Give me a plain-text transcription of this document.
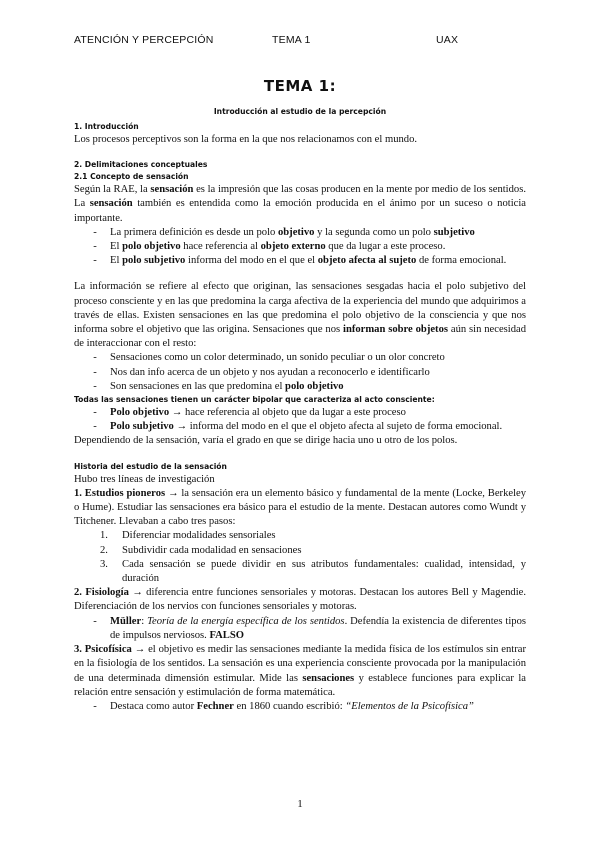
ATENCIÓN Y PERCEPCIÓN	TEMA 1	UAX
TEMA 1:
Introducción al estudio de la percepción
1. Introducción

Los procesos perceptivos son la forma en la que nos relacionamos con el mundo.

2. Delimitaciones conceptuales
2.1 Concepto de sensación

Según la RAE, la sensación es la impresión que las cosas producen en la mente por medio de los sentidos. La sensación también es entendida como la emoción producida en el ánimo por un suceso o noticia importante.

-	La primera definición es desde un polo objetivo y la segunda como un polo subjetivo
-	El polo objetivo hace referencia al objeto externo que da lugar a este proceso.
-	El polo subjetivo informa del modo en el que el objeto afecta al sujeto de forma emocional.

La información se refiere al efecto que originan, las sensaciones sesgadas hacia el polo subjetivo del proceso consciente y en las que predomina la carga afectiva de la experiencia del mundo que adquirimos a través de ellas. Existen sensaciones en las que predomina el polo objetivo de la consciencia y que nos informa sobre el objetivo que las origina. Sensaciones que nos informan sobre objetos aún sin necesidad de interaccionar con el resto:

-	Sensaciones como un color determinado, un sonido peculiar o un olor concreto
-	Nos dan info acerca de un objeto y nos ayudan a reconocerlo e identificarlo
-	Son sensaciones en las que predomina el polo objetivo
Todas las sensaciones tienen un carácter bipolar que caracteriza al acto consciente:
-	Polo objetivo → hace referencia al objeto que da lugar a este proceso
-	Polo subjetivo → informa del modo en el que el objeto afecta al sujeto de forma emocional.

Dependiendo de la sensación, varía el grado en que se dirige hacia uno u otro de los polos.

Historia del estudio de la sensación

Hubo tres líneas de investigación

1. Estudios pioneros → la sensación era un elemento básico y fundamental de la mente (Locke, Berkeley o Hume). Estudiar las sensaciones era básico para el estudio de la mente. Destacan autores como Wundt y Titchener. Llevaban a cabo tres pasos:

1.	Diferenciar modalidades sensoriales
2.	Subdividir cada modalidad en sensaciones
3.	Cada sensación se puede dividir en sus atributos fundamentales: cualidad, intensidad, y duración

2. Fisiología → diferencia entre funciones sensoriales y motoras. Destacan los autores Bell y Magendie. Diferenciación de los nervios con funciones sensoriales y motoras.

-	Müller: Teoría de la energía específica de los sentidos. Defendía la existencia de diferentes tipos de impulsos nerviosos. FALSO

3. Psicofísica → el objetivo es medir las sensaciones mediante la medida física de los estímulos sin entrar en la fisiología de los sentidos. La sensación es una experiencia consciente provocada por la manipulación de una determinada dimensión estimular. Mide las sensaciones y establece funciones para explicar la relación entre sensación y estimulación de forma matemática.

-	Destaca como autor Fechner en 1860 cuando escribió: “Elementos de la Psicofísica”
1
